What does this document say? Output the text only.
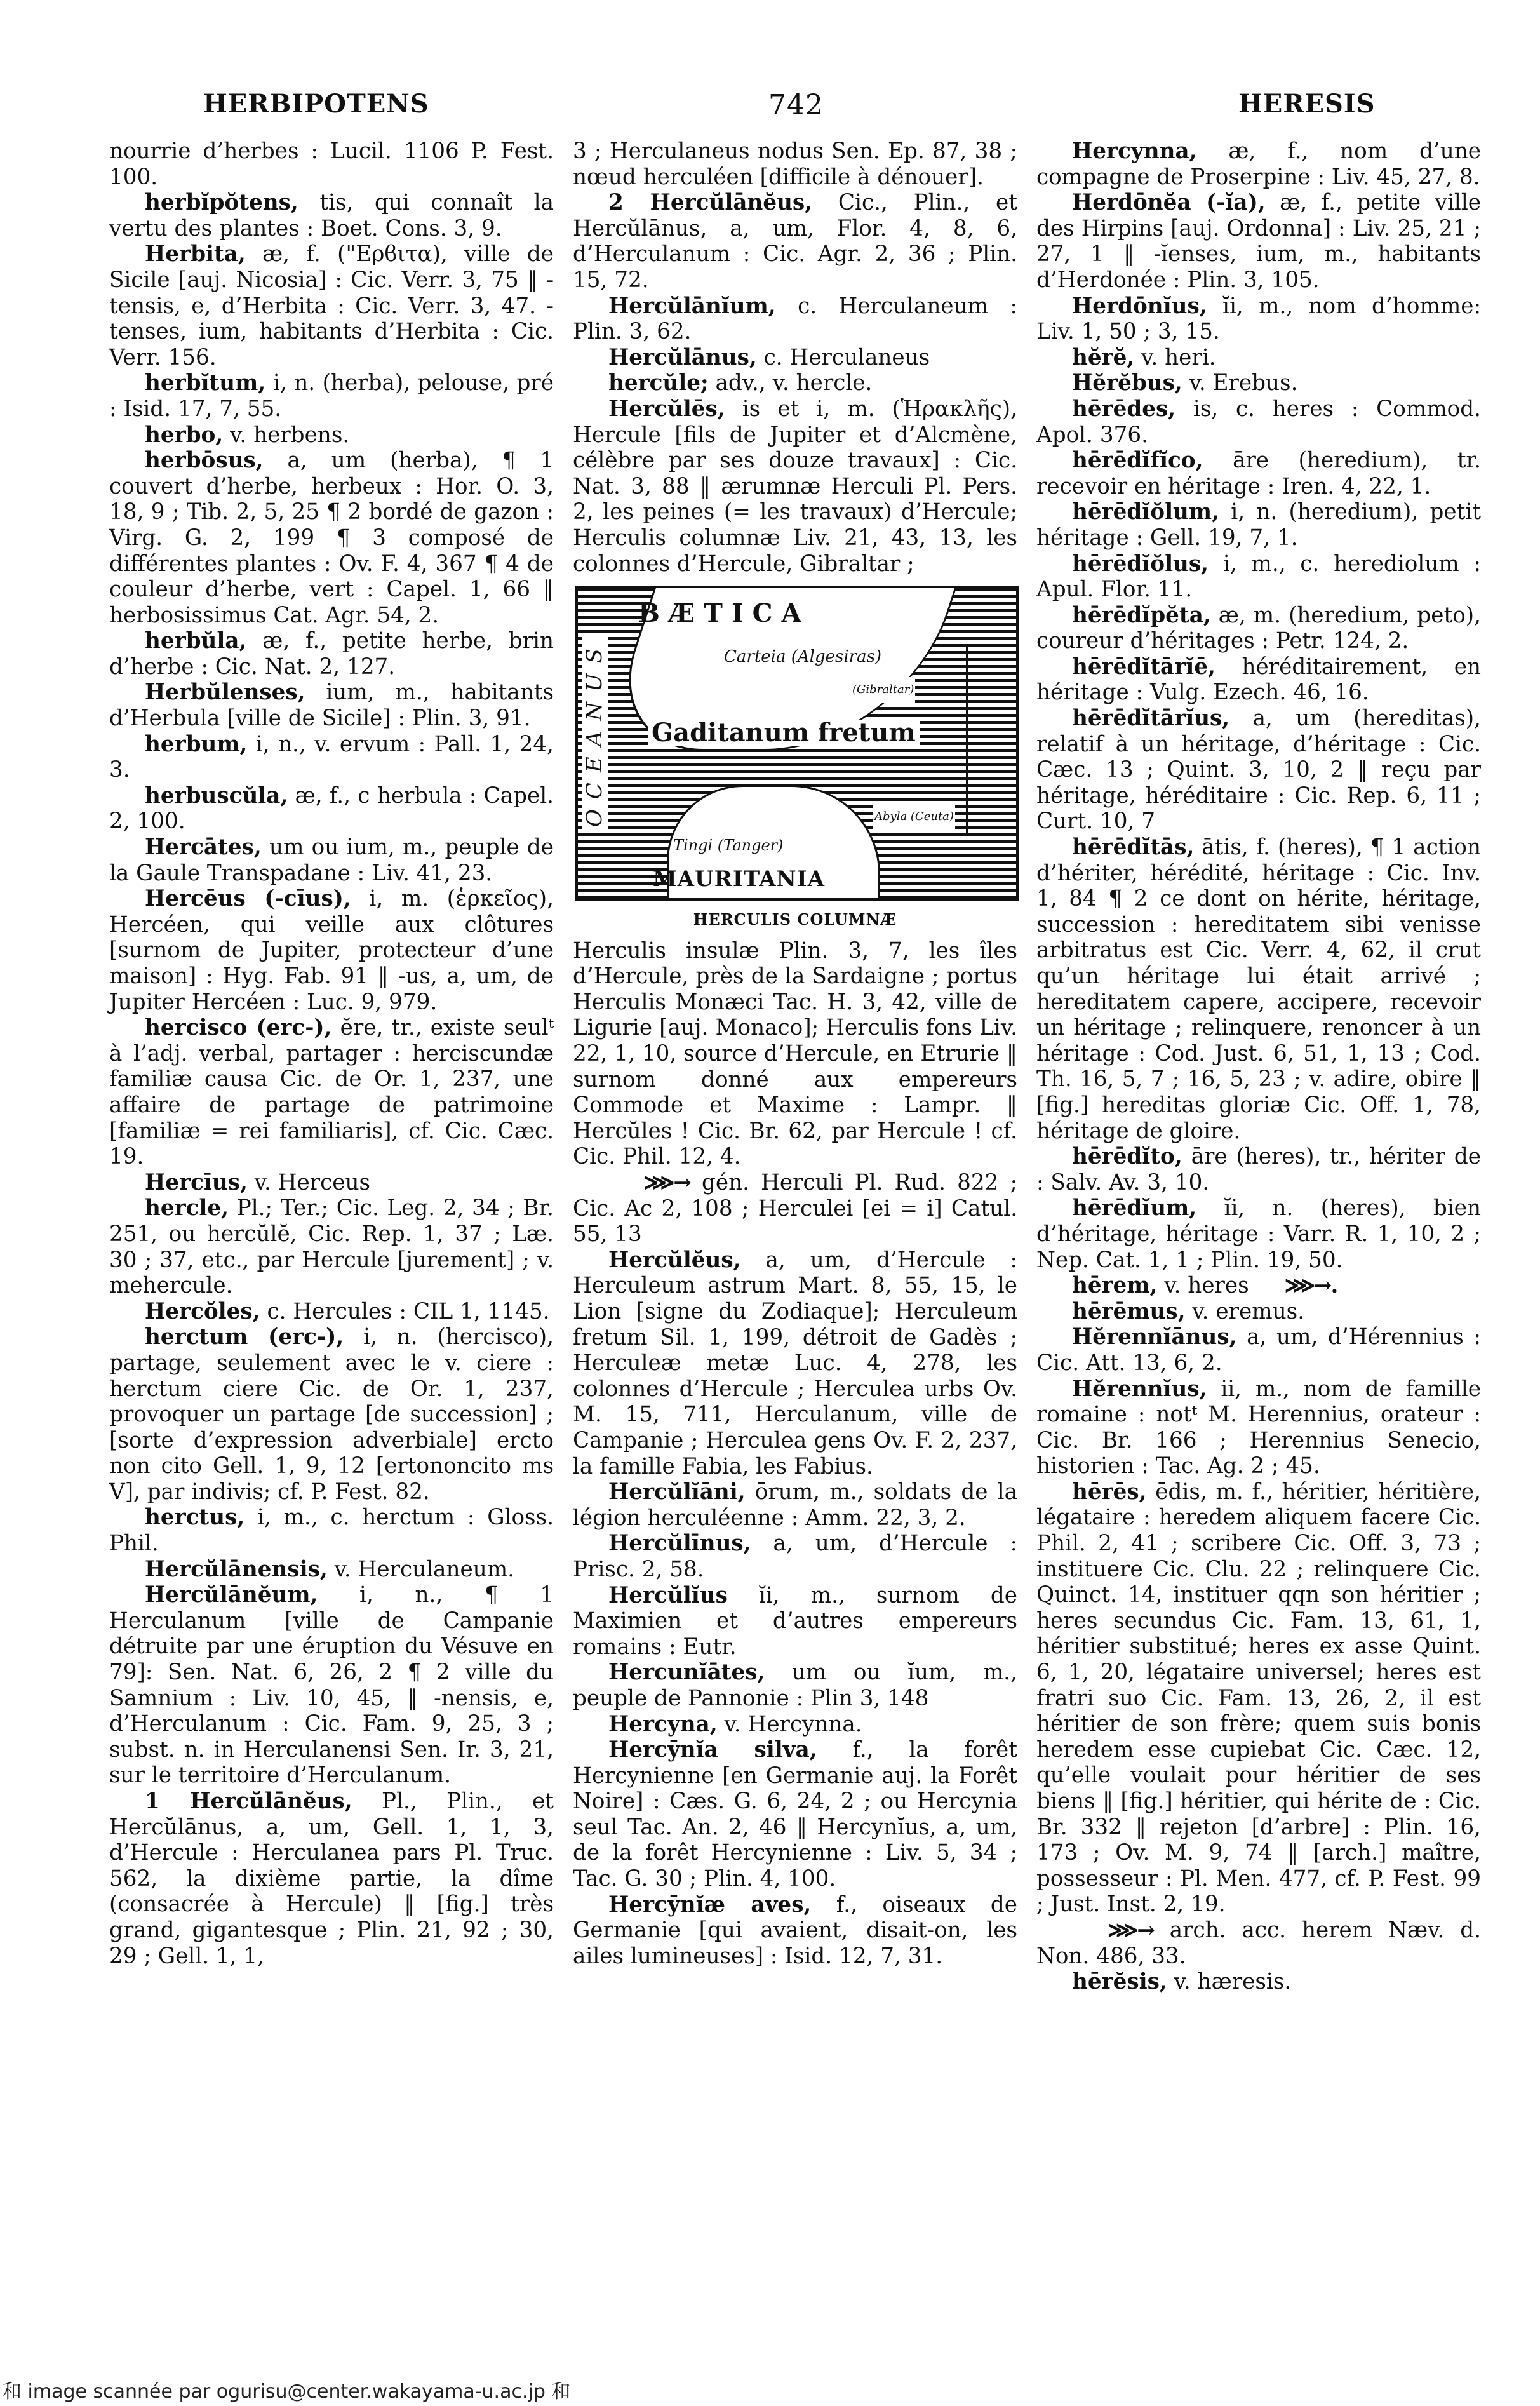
HERBIPOTENS	742	HERESIS

nourrie d’herbes : Lucil. 1106 P. Fest. 100.

herbĭpŏtens, tis, qui connaît la vertu des plantes : Boet. Cons. 3, 9.

Herbita, æ, f. ("Ερϐιτα), ville de Sicile [auj. Nicosia] : Cic. Verr. 3, 75 ‖ -tensis, e, d’Herbita : Cic. Verr. 3, 47. -tenses, ium, habitants d’Herbita : Cic. Verr. 156.

herbĭtum, i, n. (herba), pelouse, pré : Isid. 17, 7, 55.

herbo, v. herbens.

herbōsus, a, um (herba), ¶ 1 couvert d’herbe, herbeux : Hor. O. 3, 18, 9 ; Tib. 2, 5, 25 ¶ 2 bordé de gazon : Virg. G. 2, 199 ¶ 3 composé de différentes plantes : Ov. F. 4, 367 ¶ 4 de couleur d’herbe, vert : Capel. 1, 66 ‖ herbosissimus Cat. Agr. 54, 2.

herbŭla, æ, f., petite herbe, brin d’herbe : Cic. Nat. 2, 127.

Herbŭlenses, ium, m., habitants d’Herbula [ville de Sicile] : Plin. 3, 91.

herbum, i, n., v. ervum : Pall. 1, 24, 3.

herbuscŭla, æ, f., c herbula : Capel. 2, 100.

Hercātes, um ou ium, m., peuple de la Gaule Transpadane : Liv. 41, 23.

Hercēus (-cīus), i, m. (ἑρκεῖος), Hercéen, qui veille aux clôtures [surnom de Jupiter, protecteur d’une maison] : Hyg. Fab. 91 ‖ -us, a, um, de Jupiter Hercéen : Luc. 9, 979.

hercisco (erc-), ĕre, tr., existe seulᵗ à l’adj. verbal, partager : herciscundæ familiæ causa Cic. de Or. 1, 237, une affaire de partage de patrimoine [familiæ = rei familiaris], cf. Cic. Cæc. 19.

Hercīus, v. Herceus

hercle, Pl.; Ter.; Cic. Leg. 2, 34 ; Br. 251, ou hercŭlĕ, Cic. Rep. 1, 37 ; Læ. 30 ; 37, etc., par Hercule [jurement] ; v. mehercule.

Hercŏles, c. Hercules : CIL 1, 1145.

herctum (erc-), i, n. (hercisco), partage, seulement avec le v. ciere : herctum ciere Cic. de Or. 1, 237, provoquer un partage [de succession] ; [sorte d’expression adverbiale] ercto non cito Gell. 1, 9, 12 [ertononcito ms V], par indivis; cf. P. Fest. 82.

herctus, i, m., c. herctum : Gloss. Phil.

Hercŭlānensis, v. Herculaneum.

Hercŭlānĕum, i, n., ¶ 1 Herculanum [ville de Campanie détruite par une éruption du Vésuve en 79]: Sen. Nat. 6, 26, 2 ¶ 2 ville du Samnium : Liv. 10, 45, ‖ -nensis, e, d’Herculanum : Cic. Fam. 9, 25, 3 ; subst. n. in Herculanensi Sen. Ir. 3, 21, sur le territoire d’Herculanum.

1 Hercŭlānĕus, Pl., Plin., et Hercŭlānus, a, um, Gell. 1, 1, 3, d’Hercule : Herculanea pars Pl. Truc. 562, la dixième partie, la dîme (consacrée à Hercule) ‖ [fig.] très grand, gigantesque ; Plin. 21, 92 ; 30, 29 ; Gell. 1, 1,

3 ; Herculaneus nodus Sen. Ep. 87, 38 ; nœud herculéen [difficile à dénouer].

2 Hercŭlānĕus, Cic., Plin., et Hercŭlānus, a, um, Flor. 4, 8, 6, d’Herculanum : Cic. Agr. 2, 36 ; Plin. 15, 72.

Hercŭlānĭum, c. Herculaneum : Plin. 3, 62.

Hercŭlānus, c. Herculaneus

hercŭle; adv., v. hercle.

Hercŭlēs, is et i, m. (Ἡρακλῆς), Hercule [fils de Jupiter et d’Alcmène, célèbre par ses douze travaux] : Cic. Nat. 3, 88 ‖ ærumnæ Herculi Pl. Pers. 2, les peines (= les travaux) d’Hercule; Herculis columnæ Liv. 21, 43, 13, les colonnes d’Hercule, Gibraltar ;

BÆTICA
Carteia (Algesiras)
(Gibraltar)
Gaditanum fretum
Abyla (Ceuta)
Tingi (Tanger)
MAURITANIA
OCEANUS
HERCULIS COLUMNÆ

Herculis insulæ Plin. 3, 7, les îles d’Hercule, près de la Sardaigne ; portus Herculis Monæci Tac. H. 3, 42, ville de Ligurie [auj. Monaco]; Herculis fons Liv. 22, 1, 10, source d’Hercule, en Etrurie ‖ surnom donné aux empereurs Commode et Maxime : Lampr. ‖ Hercŭles ! Cic. Br. 62, par Hercule ! cf. Cic. Phil. 12, 4.

⋙→ gén. Herculi Pl. Rud. 822 ; Cic. Ac 2, 108 ; Herculei [ei = i] Catul. 55, 13

Hercŭlĕus, a, um, d’Hercule : Herculeum astrum Mart. 8, 55, 15, le Lion [signe du Zodiaque]; Herculeum fretum Sil. 1, 199, détroit de Gadès ; Herculeæ metæ Luc. 4, 278, les colonnes d’Hercule ; Herculea urbs Ov. M. 15, 711, Herculanum, ville de Campanie ; Herculea gens Ov. F. 2, 237, la famille Fabia, les Fabius.

Hercŭlĭāni, ōrum, m., soldats de la légion herculéenne : Amm. 22, 3, 2.

Hercŭlīnus, a, um, d’Hercule : Prisc. 2, 58.

Hercŭlĭus ĭi, m., surnom de Maximien et d’autres empereurs romains : Eutr.

Hercunĭātes, um ou ĭum, m., peuple de Pannonie : Plin 3, 148

Hercyna, v. Hercynna.

Hercȳnĭa silva, f., la forêt Hercynienne [en Germanie auj. la Forêt Noire] : Cæs. G. 6, 24, 2 ; ou Hercynia seul Tac. An. 2, 46 ‖ Hercynĭus, a, um, de la forêt Hercynienne : Liv. 5, 34 ; Tac. G. 30 ; Plin. 4, 100.

Hercȳnĭæ aves, f., oiseaux de Germanie [qui avaient, disait-on, les ailes lumineuses] : Isid. 12, 7, 31.

Hercynna, æ, f., nom d’une compagne de Proserpine : Liv. 45, 27, 8.

Herdōnĕa (-ĭa), æ, f., petite ville des Hirpins [auj. Ordonna] : Liv. 25, 21 ; 27, 1 ‖ -ĭenses, ium, m., habitants d’Herdonée : Plin. 3, 105.

Herdōnĭus, ĭi, m., nom d’homme: Liv. 1, 50 ; 3, 15.

hĕrĕ, v. heri.

Hĕrĕbus, v. Erebus.

hērēdes, is, c. heres : Commod. Apol. 376.

hērēdĭfĭco, āre (heredium), tr. recevoir en héritage : Iren. 4, 22, 1.

hērēdĭŏlum, i, n. (heredium), petit héritage : Gell. 19, 7, 1.

hērēdĭŏlus, i, m., c. herediolum : Apul. Flor. 11.

hērēdĭpĕta, æ, m. (heredium, peto), coureur d’héritages : Petr. 124, 2.

hērēdĭtārĭē, héréditairement, en héritage : Vulg. Ezech. 46, 16.

hērēdĭtārĭus, a, um (hereditas), relatif à un héritage, d’héritage : Cic. Cæc. 13 ; Quint. 3, 10, 2 ‖ reçu par héritage, héréditaire : Cic. Rep. 6, 11 ; Curt. 10, 7

hērēdĭtās, ātis, f. (heres), ¶ 1 action d’hériter, hérédité, héritage : Cic. Inv. 1, 84 ¶ 2 ce dont on hérite, héritage, succession : hereditatem sibi venisse arbitratus est Cic. Verr. 4, 62, il crut qu’un héritage lui était arrivé ; hereditatem capere, accipere, recevoir un héritage ; relinquere, renoncer à un héritage : Cod. Just. 6, 51, 1, 13 ; Cod. Th. 16, 5, 7 ; 16, 5, 23 ; v. adire, obire ‖ [fig.] hereditas gloriæ Cic. Off. 1, 78, héritage de gloire.

hērēdĭto, āre (heres), tr., hériter de : Salv. Av. 3, 10.

hērēdĭum, ĭi, n. (heres), bien d’héritage, héritage : Varr. R. 1, 10, 2 ; Nep. Cat. 1, 1 ; Plin. 19, 50.

hērem, v. heres⋙→.

hērēmus, v. eremus.

Hĕrennĭānus, a, um, d’Hérennius : Cic. Att. 13, 6, 2.

Hĕrennĭus, ii, m., nom de famille romaine : notᵗ M. Herennius, orateur : Cic. Br. 166 ; Herennius Senecio, historien : Tac. Ag. 2 ; 45.

hērēs, ēdis, m. f., héritier, héritière, légataire : heredem aliquem facere Cic. Phil. 2, 41 ; scribere Cic. Off. 3, 73 ; instituere Cic. Clu. 22 ; relinquere Cic. Quinct. 14, instituer qqn son héritier ; heres secundus Cic. Fam. 13, 61, 1, héritier substitué; heres ex asse Quint. 6, 1, 20, légataire universel; heres est fratri suo Cic. Fam. 13, 26, 2, il est héritier de son frère; quem suis bonis heredem esse cupiebat Cic. Cæc. 12, qu’elle voulait pour héritier de ses biens ‖ [fig.] héritier, qui hérite de : Cic. Br. 332 ‖ rejeton [d’arbre] : Plin. 16, 173 ; Ov. M. 9, 74 ‖ [arch.] maître, possesseur : Pl. Men. 477, cf. P. Fest. 99 ; Just. Inst. 2, 19.

⋙→ arch. acc. herem Næv. d. Non. 486, 33.

hērĕsis, v. hæresis.

和 image scannée par ogurisu@center.wakayama-u.ac.jp 和
